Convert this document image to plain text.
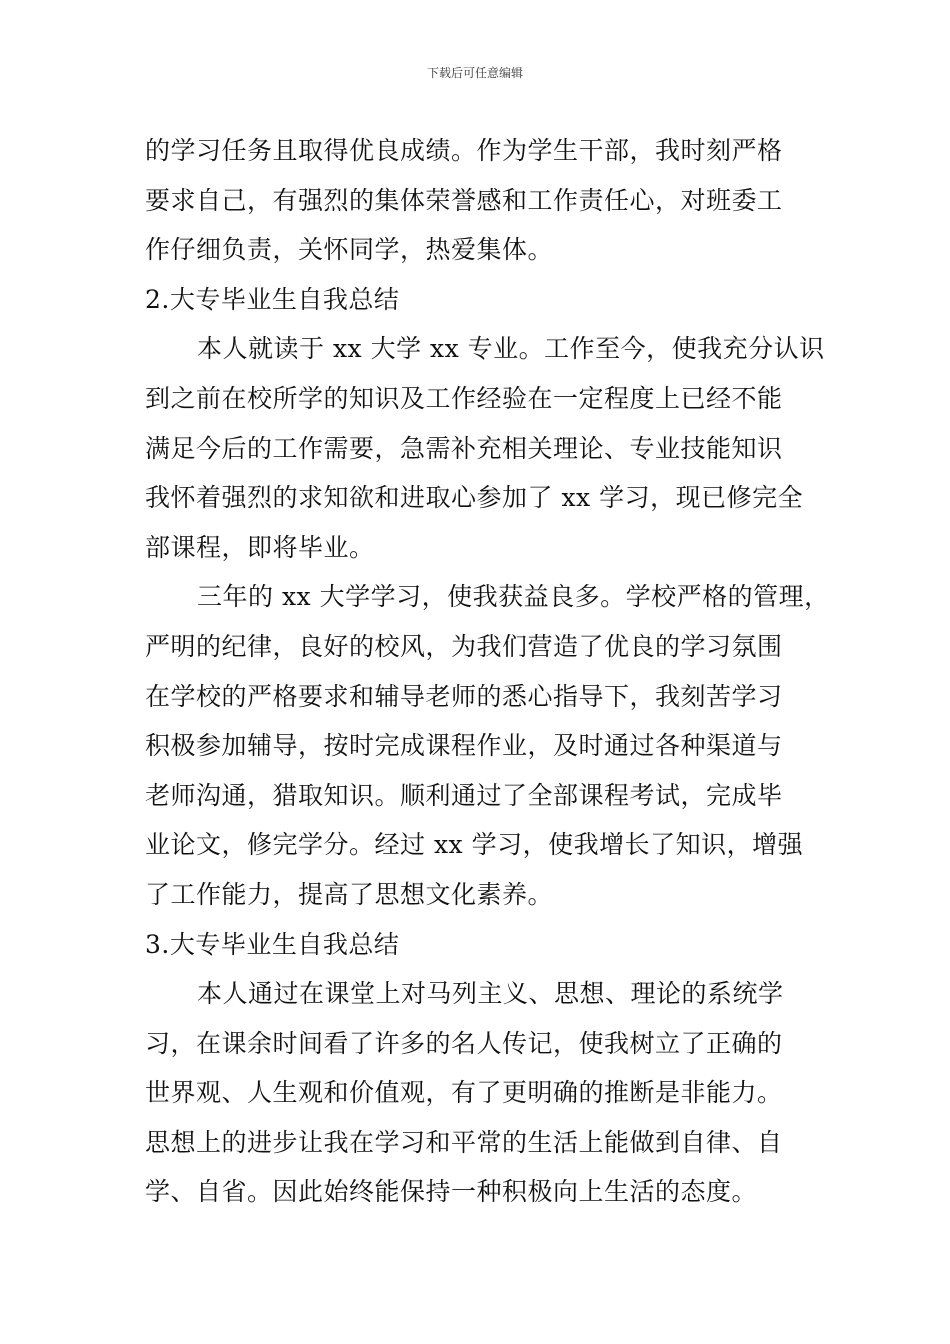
下载后可任意编辑
的学习任务且取得优良成绩。作为学生干部，我时刻严格
要求自己，有强烈的集体荣誉感和工作责任心，对班委工
作仔细负责，关怀同学，热爱集体。
2.大专毕业生自我总结
本人就读于 xx 大学 xx 专业。工作至今，使我充分认识
到之前在校所学的知识及工作经验在一定程度上已经不能
满足今后的工作需要，急需补充相关理论、专业技能知识
我怀着强烈的求知欲和进取心参加了 xx 学习，现已修完全
部课程，即将毕业。
三年的 xx 大学学习，使我获益良多。学校严格的管理，
严明的纪律，良好的校风，为我们营造了优良的学习氛围
在学校的严格要求和辅导老师的悉心指导下，我刻苦学习
积极参加辅导，按时完成课程作业，及时通过各种渠道与
老师沟通，猎取知识。顺利通过了全部课程考试，完成毕
业论文，修完学分。经过 xx 学习，使我增长了知识，增强
了工作能力，提高了思想文化素养。
3.大专毕业生自我总结
本人通过在课堂上对马列主义、思想、理论的系统学
习，在课余时间看了许多的名人传记，使我树立了正确的
世界观、人生观和价值观，有了更明确的推断是非能力。
思想上的进步让我在学习和平常的生活上能做到自律、自
学、自省。因此始终能保持一种积极向上生活的态度。
